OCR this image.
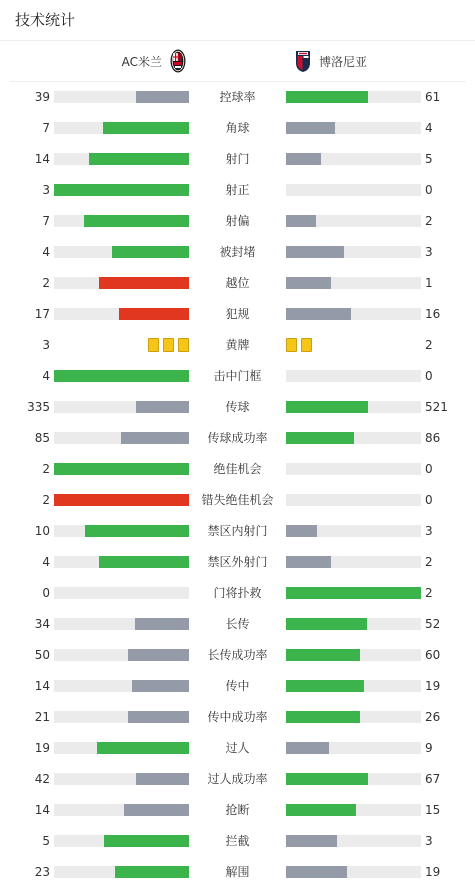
技术统计
AC米兰	博洛尼亚
39	控球率	61
7	角球	4
14	射门	5
3	射正	0
7	射偏	2
4	被封堵	3
2	越位	1
17	犯规	16
3	黄牌	2
4	击中门框	0
335	传球	521
85	传球成功率	86
2	绝佳机会	0
2	错失绝佳机会	0
10	禁区内射门	3
4	禁区外射门	2
0	门将扑救	2
34	长传	52
50	长传成功率	60
14	传中	19
21	传中成功率	26
19	过人	9
42	过人成功率	67
14	抢断	15
5	拦截	3
23	解围	19
